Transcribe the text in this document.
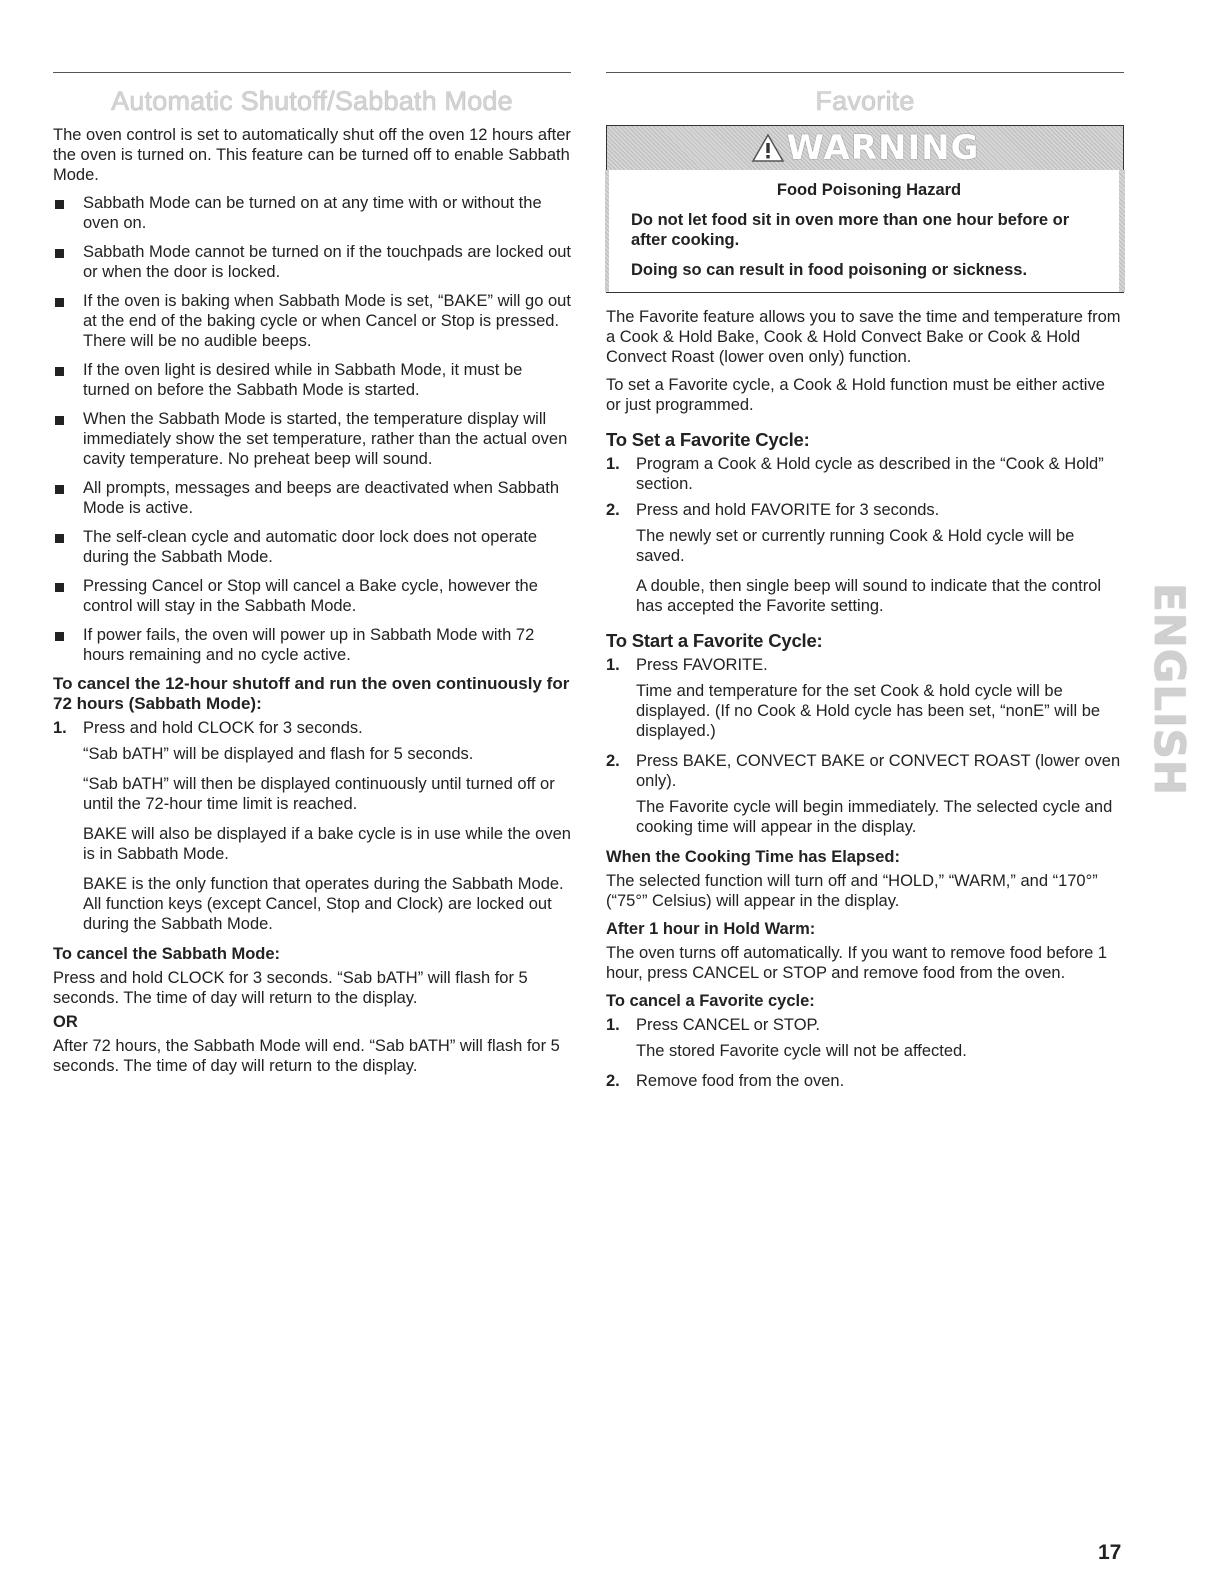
Automatic Shutoff/Sabbath Mode

The oven control is set to automatically shut off the oven 12 hours after the oven is turned on. This feature can be turned off to enable Sabbath Mode.

Sabbath Mode can be turned on at any time with or without the oven on.
Sabbath Mode cannot be turned on if the touchpads are locked out or when the door is locked.
If the oven is baking when Sabbath Mode is set, “BAKE” will go out at the end of the baking cycle or when Cancel or Stop is pressed. There will be no audible beeps.
If the oven light is desired while in Sabbath Mode, it must be turned on before the Sabbath Mode is started.
When the Sabbath Mode is started, the temperature display will immediately show the set temperature, rather than the actual oven cavity temperature. No preheat beep will sound.
All prompts, messages and beeps are deactivated when Sabbath Mode is active.
The self-clean cycle and automatic door lock does not operate during the Sabbath Mode.
Pressing Cancel or Stop will cancel a Bake cycle, however the control will stay in the Sabbath Mode.
If power fails, the oven will power up in Sabbath Mode with 72 hours remaining and no cycle active.
To cancel the 12-hour shutoff and run the oven continuously for 72 hours (Sabbath Mode):
1. Press and hold CLOCK for 3 seconds.

“Sab bATH” will be displayed and flash for 5 seconds.

“Sab bATH” will then be displayed continuously until turned off or until the 72-hour time limit is reached.

BAKE will also be displayed if a bake cycle is in use while the oven is in Sabbath Mode.

BAKE is the only function that operates during the Sabbath Mode. All function keys (except Cancel, Stop and Clock) are locked out during the Sabbath Mode.

To cancel the Sabbath Mode:

Press and hold CLOCK for 3 seconds. “Sab bATH” will flash for 5 seconds. The time of day will return to the display.

OR

After 72 hours, the Sabbath Mode will end. “Sab bATH” will flash for 5 seconds. The time of day will return to the display.

Favorite
WARNING
Food Poisoning Hazard
Do not let food sit in oven more than one hour before or after cooking.
Doing so can result in food poisoning or sickness.

The Favorite feature allows you to save the time and temperature from a Cook & Hold Bake, Cook & Hold Convect Bake or Cook & Hold Convect Roast (lower oven only) function.

To set a Favorite cycle, a Cook & Hold function must be either active or just programmed.

To Set a Favorite Cycle:
1. Program a Cook & Hold cycle as described in the “Cook & Hold” section.
2. Press and hold FAVORITE for 3 seconds.

The newly set or currently running Cook & Hold cycle will be saved.

A double, then single beep will sound to indicate that the control has accepted the Favorite setting.

To Start a Favorite Cycle:
1. Press FAVORITE.

Time and temperature for the set Cook & hold cycle will be displayed. (If no Cook & Hold cycle has been set, “nonE” will be displayed.)

2. Press BAKE, CONVECT BAKE or CONVECT ROAST (lower oven only).

The Favorite cycle will begin immediately. The selected cycle and cooking time will appear in the display.

When the Cooking Time has Elapsed:

The selected function will turn off and “HOLD,” “WARM,” and “170°” (“75°” Celsius) will appear in the display.

After 1 hour in Hold Warm:

The oven turns off automatically. If you want to remove food before 1 hour, press CANCEL or STOP and remove food from the oven.

To cancel a Favorite cycle:
1. Press CANCEL or STOP.

The stored Favorite cycle will not be affected.

2. Remove food from the oven.
ENGLISH
17
